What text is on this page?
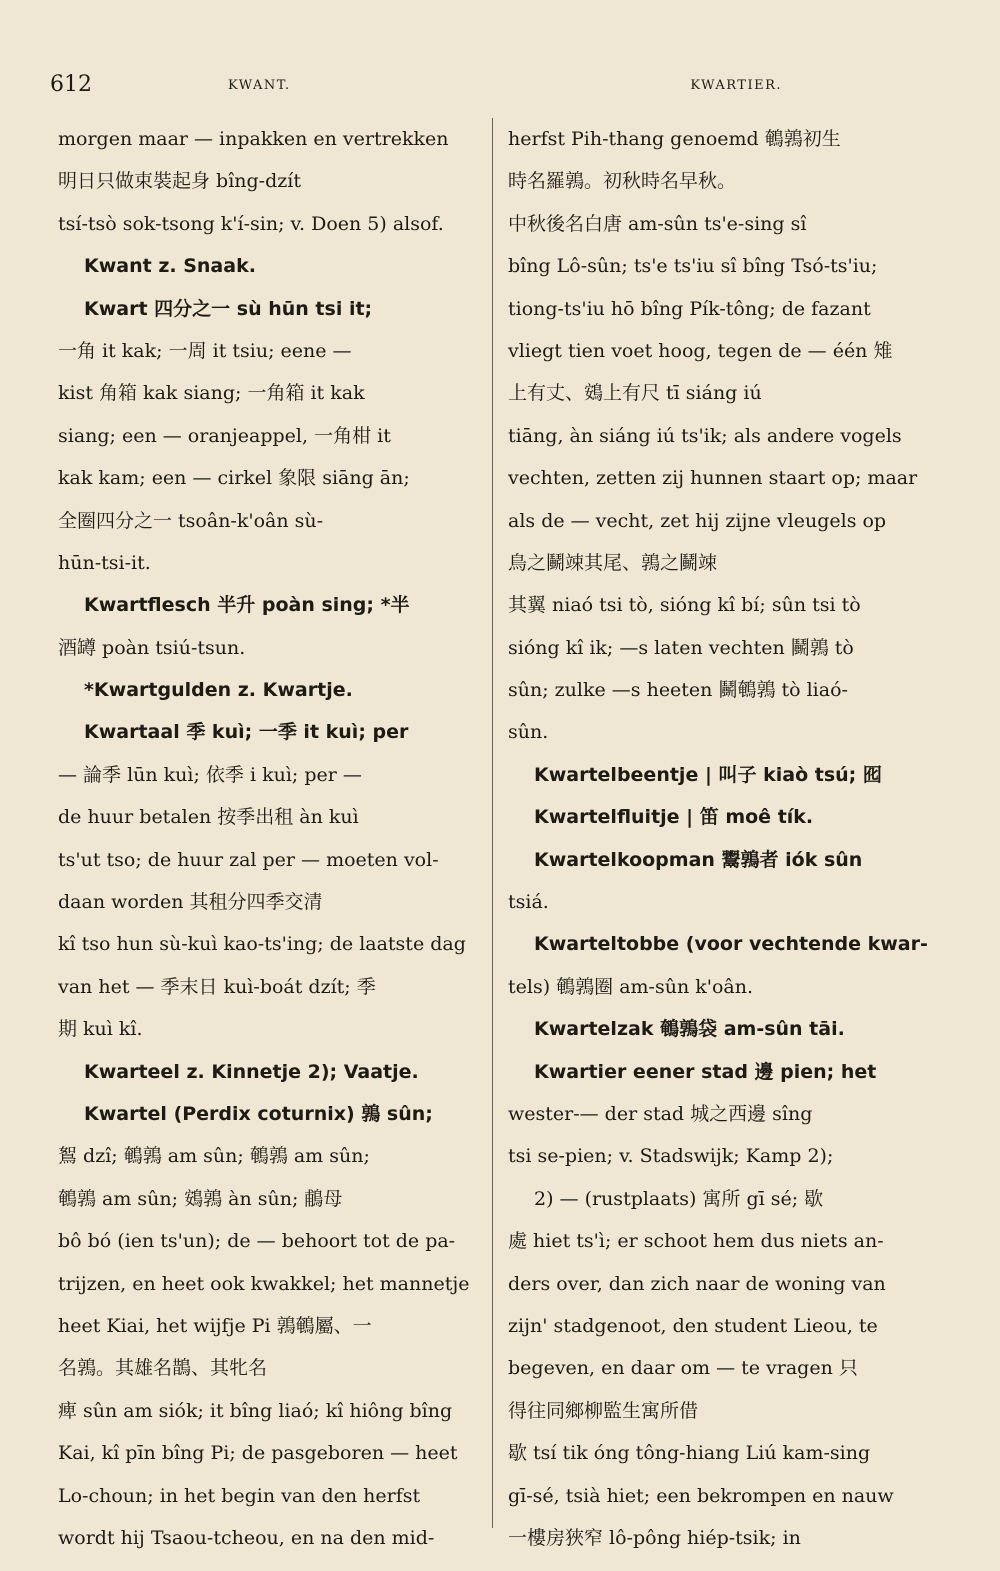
612	KWANT.	KWARTIER.
morgen maar — inpakken en vertrekken
明日只做束裝起身 bîng-dzít
tsí-tsò sok-tsong k'í-sin; v. Doen 5) alsof.
Kwant z. Snaak.
Kwart 四分之一 sù hūn tsi it;
一角 it kak; 一周 it tsiu; eene —
kist 角箱 kak siang; 一角箱 it kak
siang; een — oranjeappel, 一角柑 it
kak kam; een — cirkel 象限 siāng ān;
全圈四分之一 tsoân-k'oân sù-
hūn-tsi-it.
Kwartflesch 半升 poàn sing; *半
酒罇 poàn tsiú-tsun.
*Kwartgulden z. Kwartje.
Kwartaal 季 kuì; 一季 it kuì; per
— 論季 lūn kuì; 依季 i kuì; per —
de huur betalen 按季出租 àn kuì
ts'ut tso; de huur zal per — moeten vol-
daan worden 其租分四季交清
kî tso hun sù-kuì kao-ts'ing; de laatste dag
van het — 季末日 kuì-boát dzít; 季
期 kuì kî.
Kwarteel z. Kinnetje 2); Vaatje.
Kwartel (Perdix coturnix) 鶉 sûn;
鴽 dzî; 鵪鶉 am sûn; 鵪鶉 am sûn;
鵪鶉 am sûn; 鴳鶉 àn sûn; 鵏母
bô bó (ien ts'un); de — behoort tot de pa-
trijzen, en heet ook kwakkel; het mannetje
heet Kiai, het wijfje Pi 鶉鵪屬、一
名鶉。其雄名鵲、其牝名
痺 sûn am siók; it bîng liaó; kî hiông bîng
Kai, kî pīn bîng Pi; de pasgeboren — heet
Lo-choun; in het begin van den herfst
wordt hij Tsaou-tcheou, en na den mid-
herfst Pih-thang genoemd 鵪鶉初生
時名羅鶉。初秋時名早秋。
中秋後名白唐 am-sûn ts'e-sing sî
bîng Lô-sûn; ts'e ts'iu sî bîng Tsó-ts'iu;
tiong-ts'iu hō bîng Pík-tông; de fazant
vliegt tien voet hoog, tegen de — één 雉
上有丈、鴳上有尺 tī siáng iú
tiāng, àn siáng iú ts'ik; als andere vogels
vechten, zetten zij hunnen staart op; maar
als de — vecht, zet hij zijne vleugels op
鳥之鬭竦其尾、鶉之鬭竦
其翼 niaó tsi tò, sióng kî bí; sûn tsi tò
sióng kî ik; —s laten vechten 鬭鶉 tò
sûn; zulke —s heeten 鬭鵪鶉 tò liaó-
sûn.
Kwartelbeentje | 叫子 kiaò tsú; 囮
Kwartelfluitje | 笛 moê tík.
Kwartelkoopman 鬻鶉者 iók sûn
tsiá.
Kwarteltobbe (voor vechtende kwar-
tels) 鵪鶉圈 am-sûn k'oân.
Kwartelzak 鵪鶉袋 am-sûn tāi.
Kwartier eener stad 邊 pien; het
wester-— der stad 城之西邊 sîng
tsi se-pien; v. Stadswijk; Kamp 2);
2) — (rustplaats) 寓所 gī sé; 歇
處 hiet ts'ì; er schoot hem dus niets an-
ders over, dan zich naar de woning van
zijn' stadgenoot, den student Lieou, te
begeven, en daar om — te vragen 只
得往同鄉柳監生寓所借
歇 tsí tik óng tông-hiang Liú kam-sing
gī-sé, tsià hiet; een bekrompen en nauw
一樓房狹窄 lô-pông hiép-tsik; in
